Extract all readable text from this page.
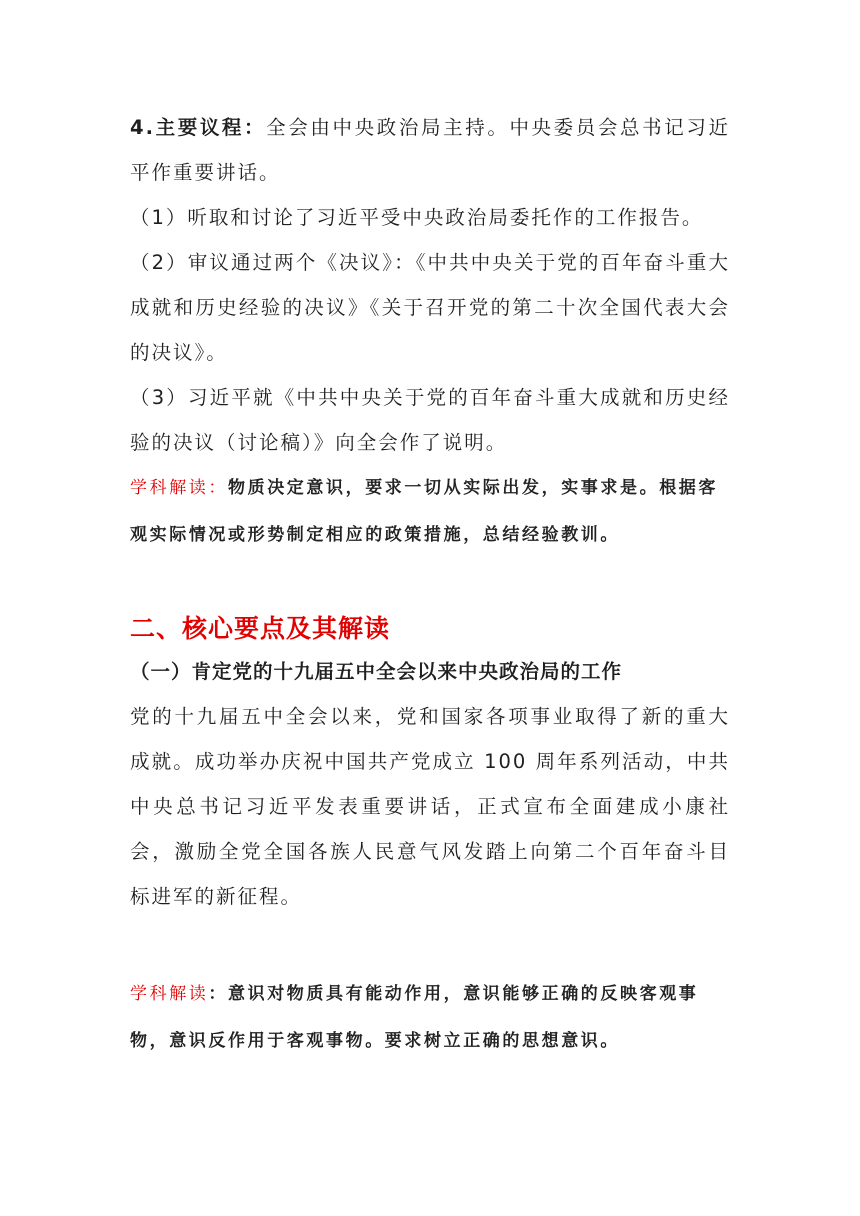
4.主要议程：全会由中央政治局主持。中央委员会总书记习近平作重要讲话。

（1）听取和讨论了习近平受中央政治局委托作的工作报告。

（2）审议通过两个《决议》：《中共中央关于党的百年奋斗重大成就和历史经验的决议》《关于召开党的第二十次全国代表大会的决议》。

（3）习近平就《中共中央关于党的百年奋斗重大成就和历史经验的决议（讨论稿）》向全会作了说明。

学科解读：物质决定意识，要求一切从实际出发，实事求是。根据客观实际情况或形势制定相应的政策措施，总结经验教训。

二、核心要点及其解读
（一）肯定党的十九届五中全会以来中央政治局的工作

党的十九届五中全会以来，党和国家各项事业取得了新的重大成就。成功举办庆祝中国共产党成立 100 周年系列活动，中共中央总书记习近平发表重要讲话，正式宣布全面建成小康社会，激励全党全国各族人民意气风发踏上向第二个百年奋斗目标进军的新征程。

学科解读：意识对物质具有能动作用，意识能够正确的反映客观事物，意识反作用于客观事物。要求树立正确的思想意识。
